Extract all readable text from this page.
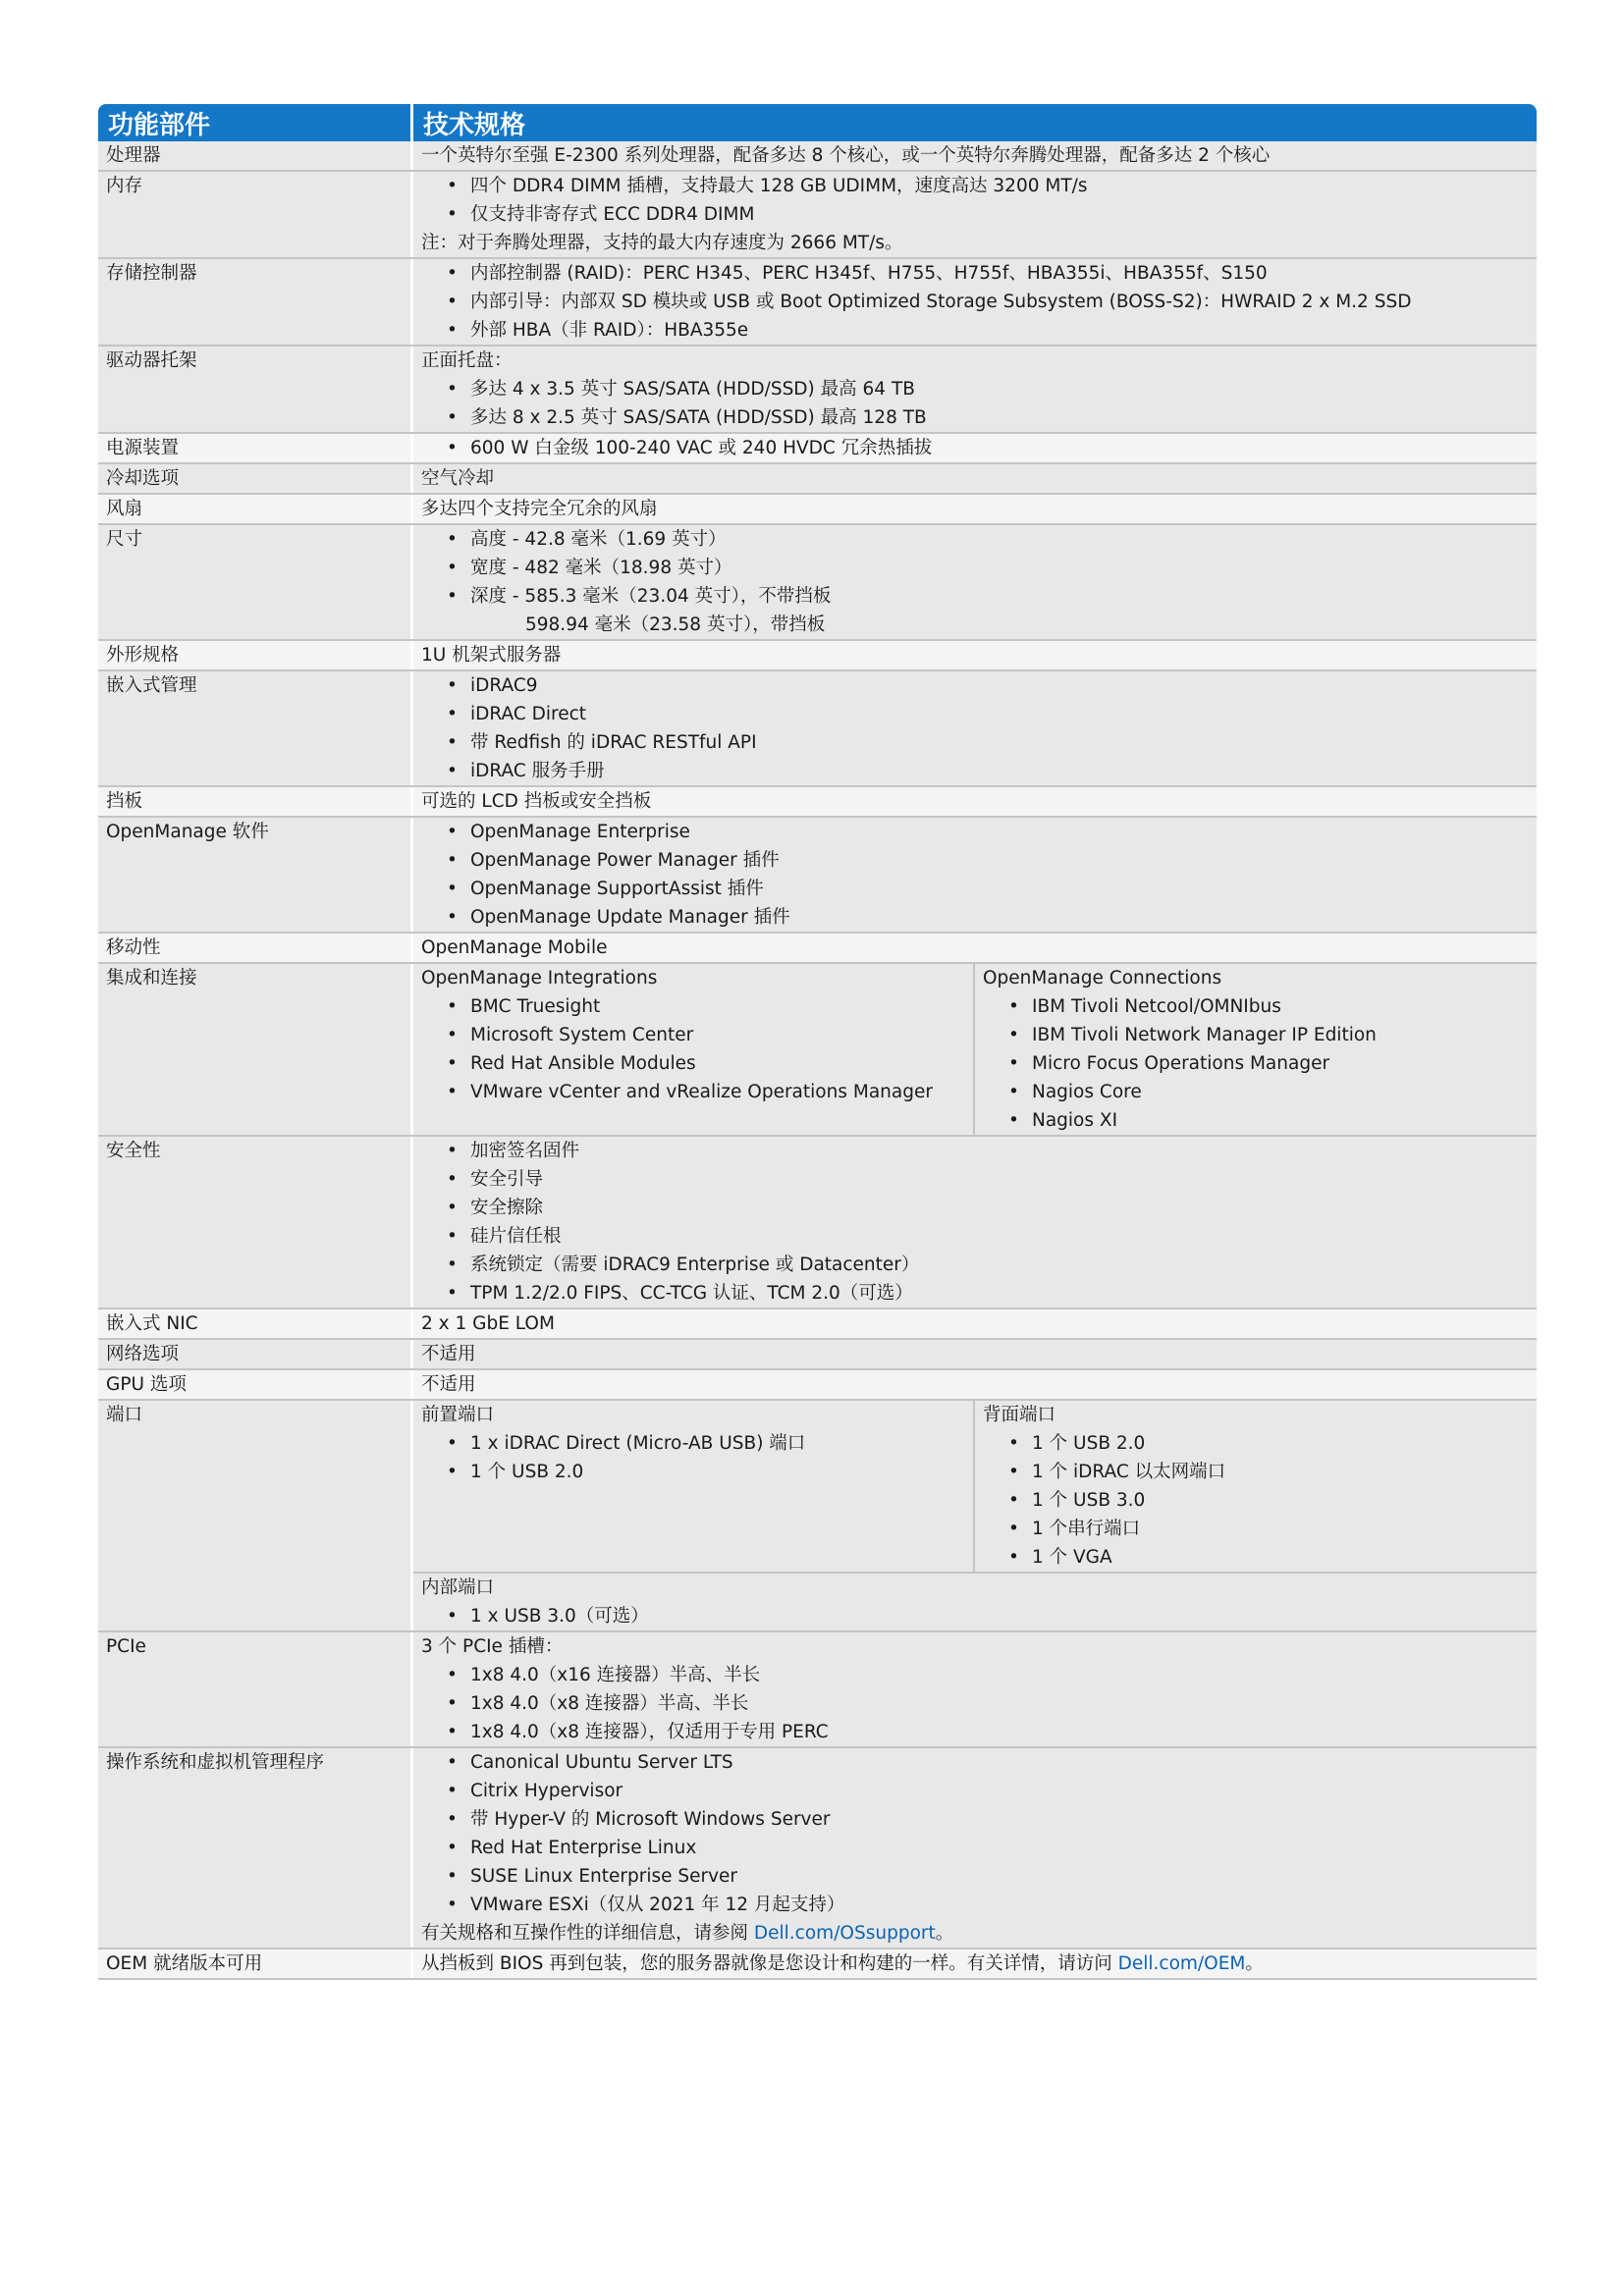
功能部件	技术规格
处理器	一个英特尔至强 E-2300 系列处理器，配备多达 8 个核心，或一个英特尔奔腾处理器，配备多达 2 个核心
内存	• 四个 DDR4 DIMM 插槽，支持最大 128 GB UDIMM，速度高达 3200 MT/s
• 仅支持非寄存式 ECC DDR4 DIMM
注：对于奔腾处理器，支持的最大内存速度为 2666 MT/s。
存储控制器	• 内部控制器 (RAID)：PERC H345、PERC H345f、H755、H755f、HBA355i、HBA355f、S150
• 内部引导：内部双 SD 模块或 USB 或 Boot Optimized Storage Subsystem (BOSS-S2)：HWRAID 2 x M.2 SSD
• 外部 HBA（非 RAID）：HBA355e
驱动器托架	正面托盘：
• 多达 4 x 3.5 英寸 SAS/SATA (HDD/SSD) 最高 64 TB
• 多达 8 x 2.5 英寸 SAS/SATA (HDD/SSD) 最高 128 TB
电源装置	• 600 W 白金级 100-240 VAC 或 240 HVDC 冗余热插拔
冷却选项	空气冷却
风扇	多达四个支持完全冗余的风扇
尺寸	• 高度 - 42.8 毫米（1.69 英寸）
• 宽度 - 482 毫米（18.98 英寸）
• 深度 - 585.3 毫米（23.04 英寸），不带挡板
598.94 毫米（23.58 英寸），带挡板
外形规格	1U 机架式服务器
嵌入式管理	• iDRAC9
• iDRAC Direct
• 带 Redfish 的 iDRAC RESTful API
• iDRAC 服务手册
挡板	可选的 LCD 挡板或安全挡板
OpenManage 软件	• OpenManage Enterprise
• OpenManage Power Manager 插件
• OpenManage SupportAssist 插件
• OpenManage Update Manager 插件
移动性	OpenManage Mobile
集成和连接	OpenManage Integrations
• BMC Truesight
• Microsoft System Center
• Red Hat Ansible Modules
• VMware vCenter and vRealize Operations Manager
OpenManage Connections
• IBM Tivoli Netcool/OMNIbus
• IBM Tivoli Network Manager IP Edition
• Micro Focus Operations Manager
• Nagios Core
• Nagios XI
安全性	• 加密签名固件
• 安全引导
• 安全擦除
• 硅片信任根
• 系统锁定（需要 iDRAC9 Enterprise 或 Datacenter）
• TPM 1.2/2.0 FIPS、CC-TCG 认证、TCM 2.0（可选）
嵌入式 NIC	2 x 1 GbE LOM
网络选项	不适用
GPU 选项	不适用
端口	前置端口
• 1 x iDRAC Direct (Micro-AB USB) 端口
• 1 个 USB 2.0
背面端口
• 1 个 USB 2.0
• 1 个 iDRAC 以太网端口
• 1 个 USB 3.0
• 1 个串行端口
• 1 个 VGA
内部端口
• 1 x USB 3.0（可选）
PCIe	3 个 PCIe 插槽：
• 1x8 4.0（x16 连接器）半高、半长
• 1x8 4.0（x8 连接器）半高、半长
• 1x8 4.0（x8 连接器），仅适用于专用 PERC
操作系统和虚拟机管理程序	• Canonical Ubuntu Server LTS
• Citrix Hypervisor
• 带 Hyper-V 的 Microsoft Windows Server
• Red Hat Enterprise Linux
• SUSE Linux Enterprise Server
• VMware ESXi（仅从 2021 年 12 月起支持）
有关规格和互操作性的详细信息，请参阅 Dell.com/OSsupport。
OEM 就绪版本可用	从挡板到 BIOS 再到包装，您的服务器就像是您设计和构建的一样。有关详情，请访问 Dell.com/OEM。
